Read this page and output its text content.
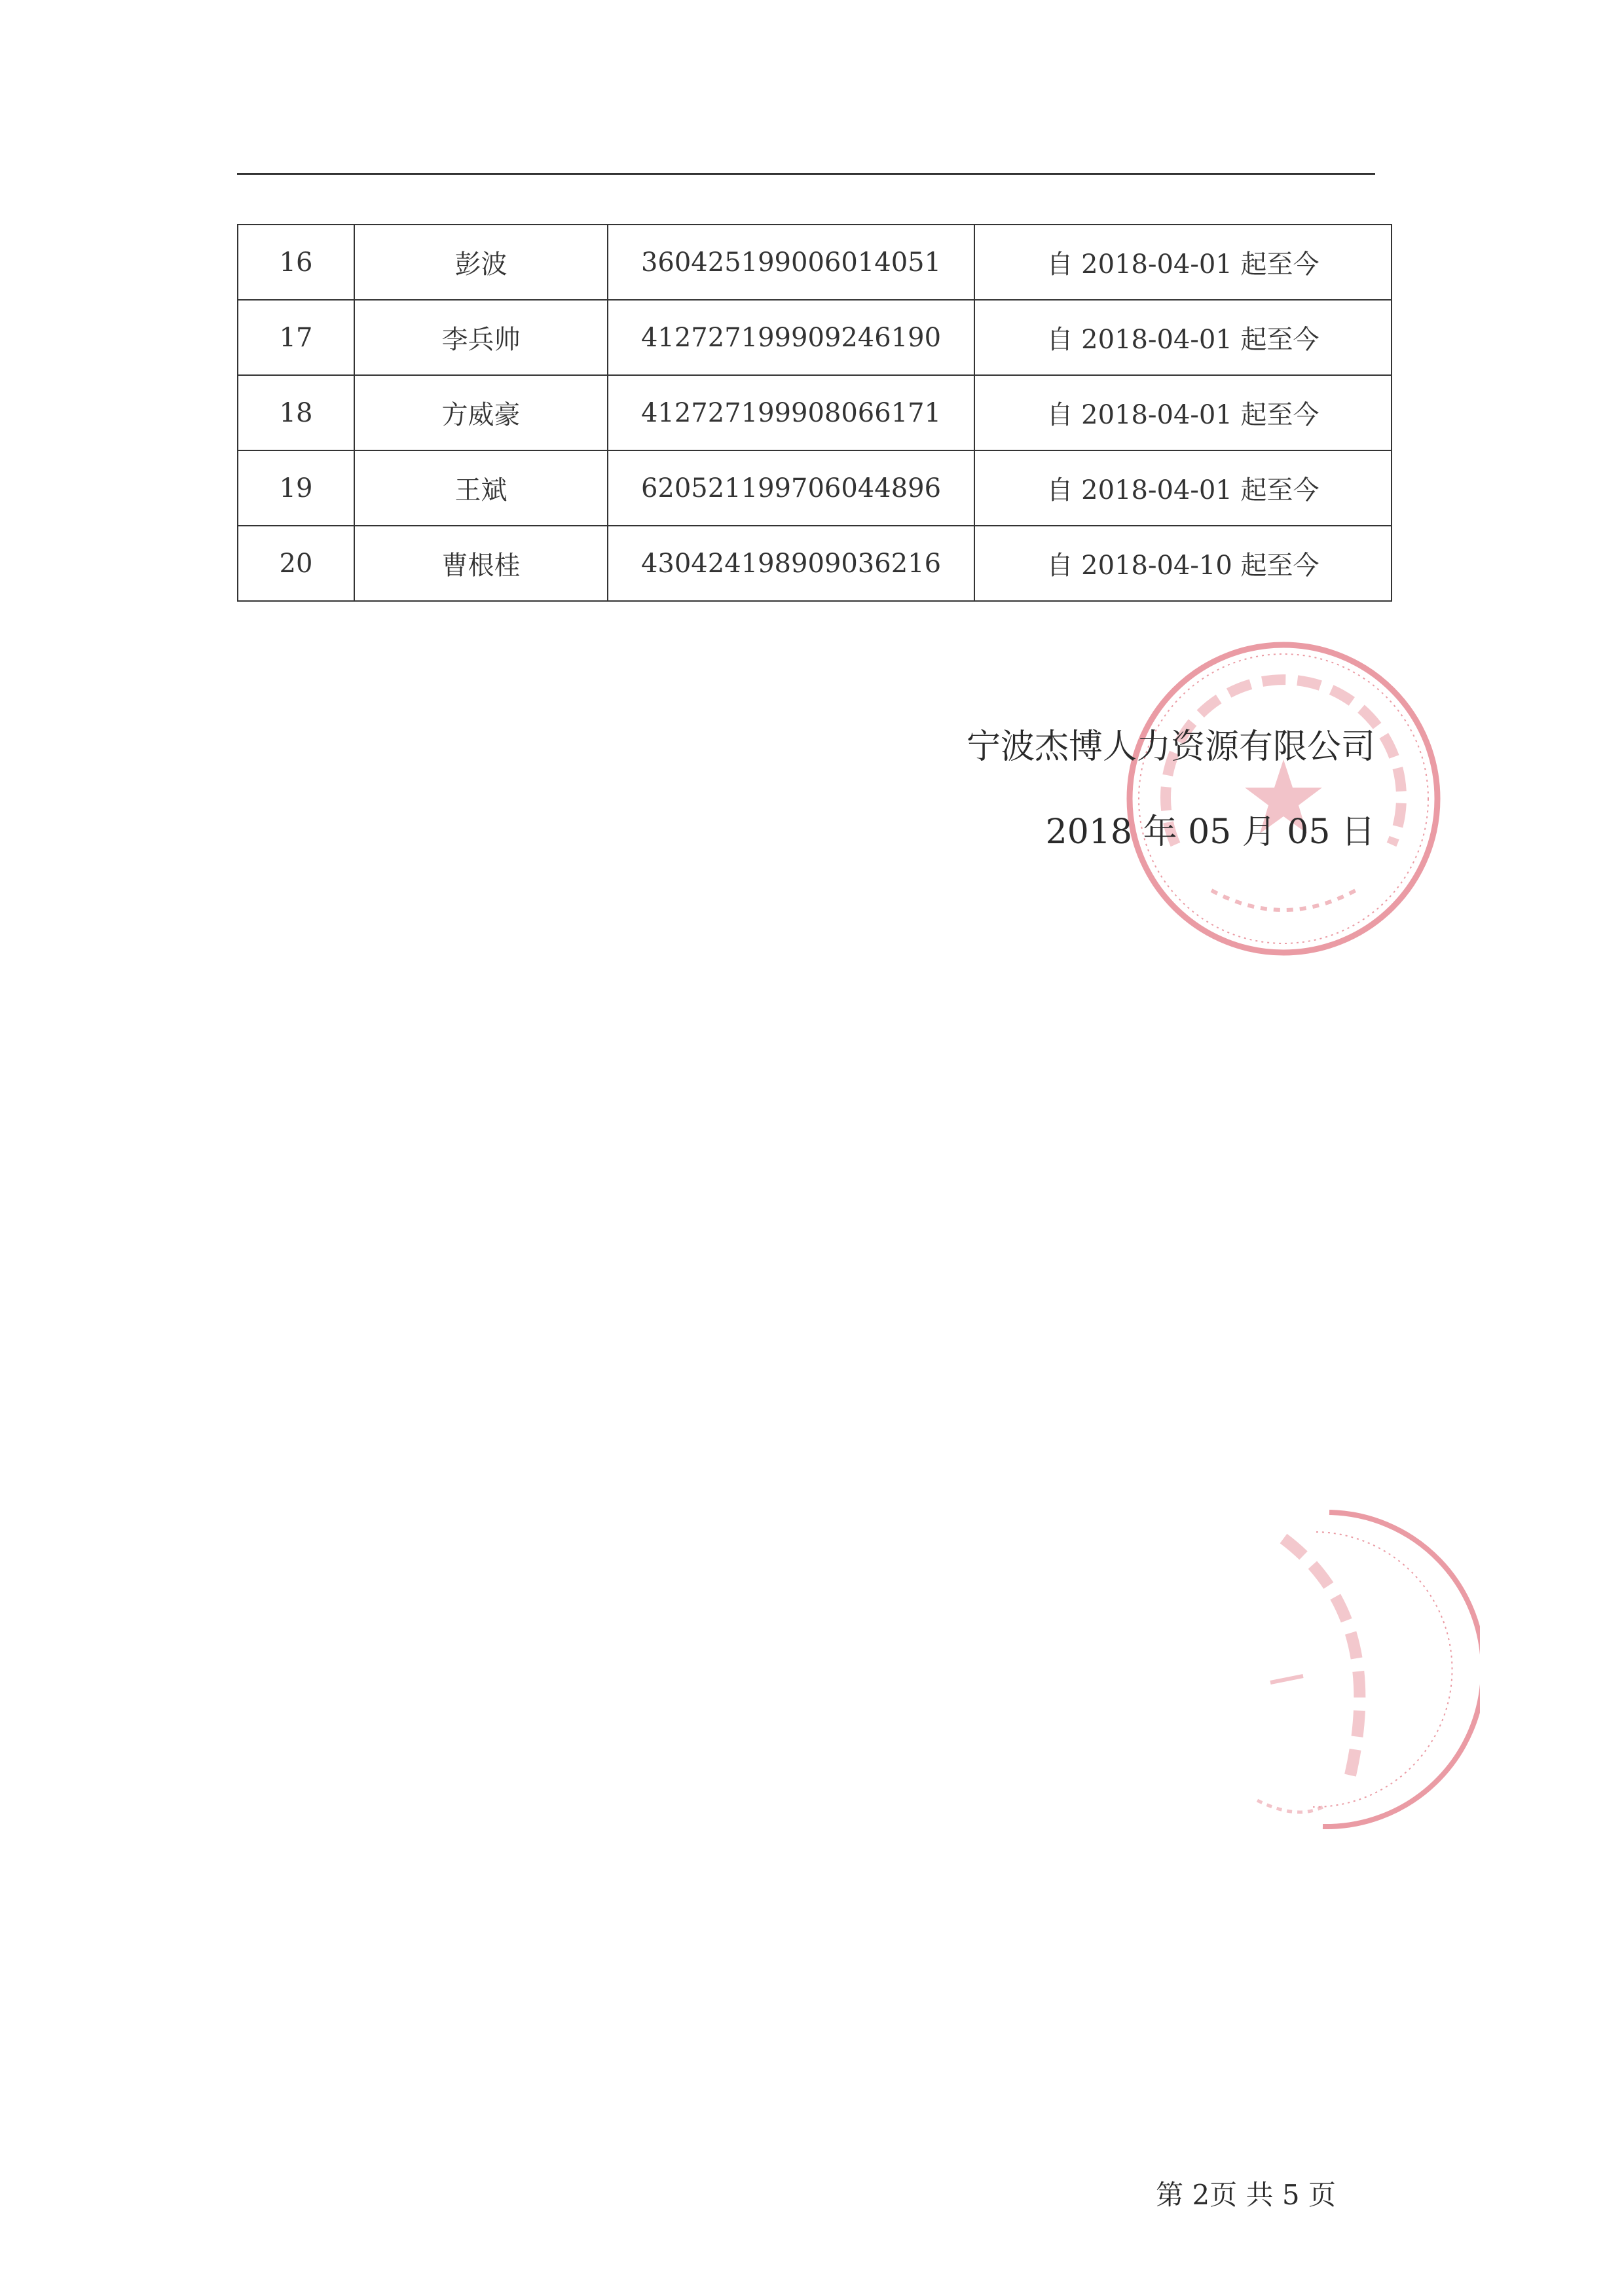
16	彭波	360425199006014051	自 2018-04-01 起至今
17	李兵帅	412727199909246190	自 2018-04-01 起至今
18	方威豪	412727199908066171	自 2018-04-01 起至今
19	王斌	620521199706044896	自 2018-04-01 起至今
20	曹根桂	430424198909036216	自 2018-04-10 起至今
宁波杰博人力资源有限公司
2018 年 05 月 05 日
第 2页 共 5 页
